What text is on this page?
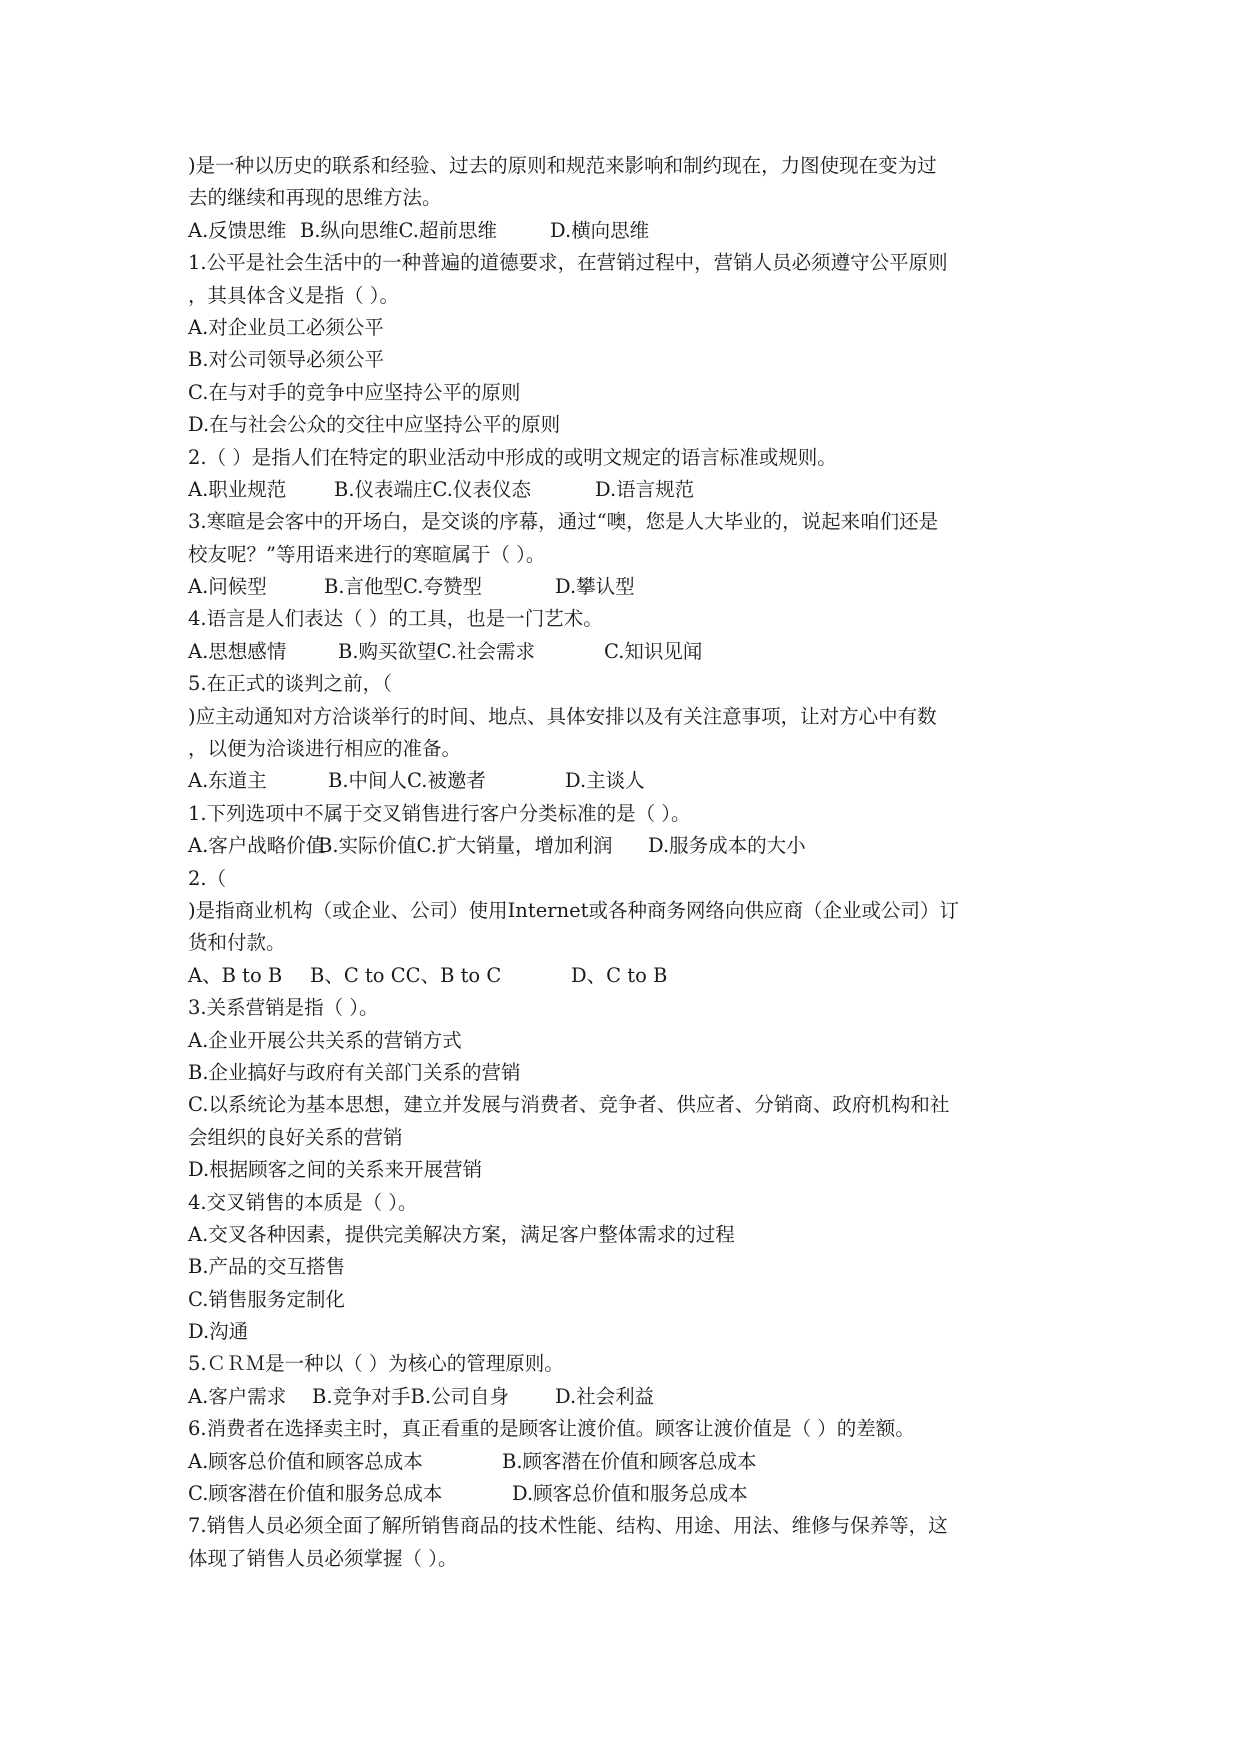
)是一种以历史的联系和经验、过去的原则和规范来影响和制约现在，力图使现在变为过
去的继续和再现的思维方法。
A.反馈思维 B.纵向思维C.超前思维	D.横向思维
1.公平是社会生活中的一种普遍的道德要求，在营销过程中，营销人员必须遵守公平原则
，其具体含义是指（ ）。
A.对企业员工必须公平
B.对公司领导必须公平
C.在与对手的竞争中应坚持公平的原则
D.在与社会公众的交往中应坚持公平的原则
2.（ ）是指人们在特定的职业活动中形成的或明文规定的语言标准或规则。
A.职业规范 B.仪表端庄C.仪表仪态	D.语言规范
3.寒暄是会客中的开场白，是交谈的序幕，通过“噢，您是人大毕业的，说起来咱们还是
校友呢？”等用语来进行的寒暄属于（ ）。
A.问候型	B.言他型C.夸赞型	D.攀认型
4.语言是人们表达（ ）的工具，也是一门艺术。
A.思想感情	B.购买欲望C.社会需求	C.知识见闻
5.在正式的谈判之前，（
)应主动通知对方洽谈举行的时间、地点、具体安排以及有关注意事项，让对方心中有数
，以便为洽谈进行相应的准备。
A.东道主	B.中间人C.被邀者	D.主谈人
1.下列选项中不属于交叉销售进行客户分类标准的是（ ）。
A.客户战略价值
B.实际价值C.扩大销量，增加利润 D.服务成本的大小
2.（
)是指商业机构（或企业、公司）使用Internet或各种商务网络向供应商（企业或公司）订
货和付款。
A、B to B B、C to CC、B to C	D、C to B
3.关系营销是指（ ）。
A.企业开展公共关系的营销方式
B.企业搞好与政府有关部门关系的营销
C.以系统论为基本思想，建立并发展与消费者、竞争者、供应者、分销商、政府机构和社
会组织的良好关系的营销
D.根据顾客之间的关系来开展营销
4.交叉销售的本质是（ ）。
A.交叉各种因素，提供完美解决方案，满足客户整体需求的过程
B.产品的交互搭售
C.销售服务定制化
D.沟通
5.ＣＲＭ是一种以（ ）为核心的管理原则。
A.客户需求 B.竞争对手B.公司自身 D.社会利益
6.消费者在选择卖主时，真正看重的是顾客让渡价值。顾客让渡价值是（ ）的差额。
A.顾客总价值和顾客总成本	B.顾客潜在价值和顾客总成本
C.顾客潜在价值和服务总成本	D.顾客总价值和服务总成本
7.销售人员必须全面了解所销售商品的技术性能、结构、用途、用法、维修与保养等，这
体现了销售人员必须掌握（ ）。
